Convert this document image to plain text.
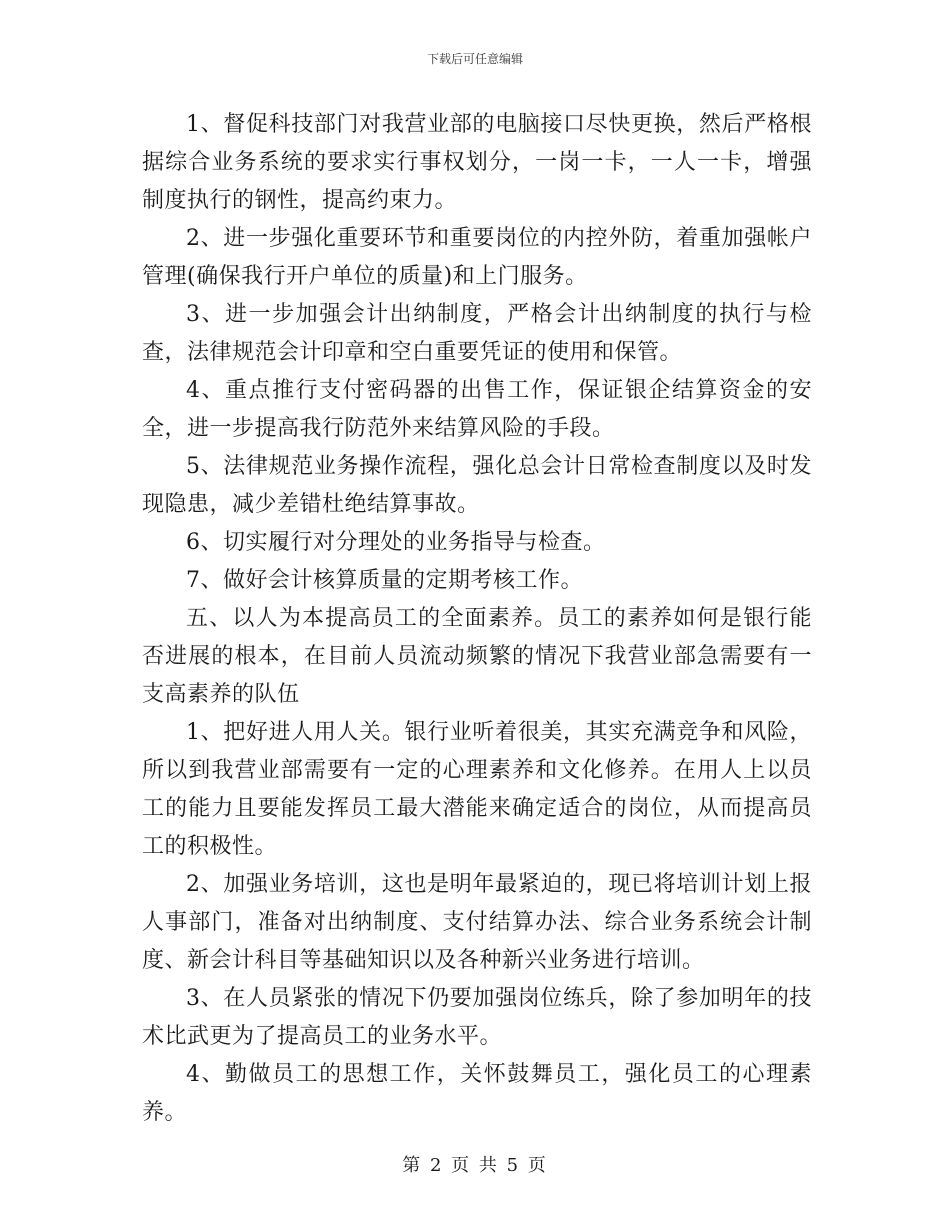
下载后可任意编辑

1、督促科技部门对我营业部的电脑接口尽快更换，然后严格根据综合业务系统的要求实行事权划分，一岗一卡，一人一卡，增强制度执行的钢性，提高约束力。

2、进一步强化重要环节和重要岗位的内控外防，着重加强帐户管理(确保我行开户单位的质量)和上门服务。

3、进一步加强会计出纳制度，严格会计出纳制度的执行与检查，法律规范会计印章和空白重要凭证的使用和保管。

4、重点推行支付密码器的出售工作，保证银企结算资金的安全，进一步提高我行防范外来结算风险的手段。

5、法律规范业务操作流程，强化总会计日常检查制度以及时发现隐患，减少差错杜绝结算事故。

6、切实履行对分理处的业务指导与检查。

7、做好会计核算质量的定期考核工作。

五、以人为本提高员工的全面素养。员工的素养如何是银行能否进展的根本，在目前人员流动频繁的情况下我营业部急需要有一支高素养的队伍

1、把好进人用人关。银行业听着很美，其实充满竞争和风险，所以到我营业部需要有一定的心理素养和文化修养。在用人上以员工的能力且要能发挥员工最大潜能来确定适合的岗位，从而提高员工的积极性。

2、加强业务培训，这也是明年最紧迫的，现已将培训计划上报人事部门，准备对出纳制度、支付结算办法、综合业务系统会计制度、新会计科目等基础知识以及各种新兴业务进行培训。

3、在人员紧张的情况下仍要加强岗位练兵，除了参加明年的技术比武更为了提高员工的业务水平。

4、勤做员工的思想工作，关怀鼓舞员工，强化员工的心理素养。

第 2 页 共 5 页
